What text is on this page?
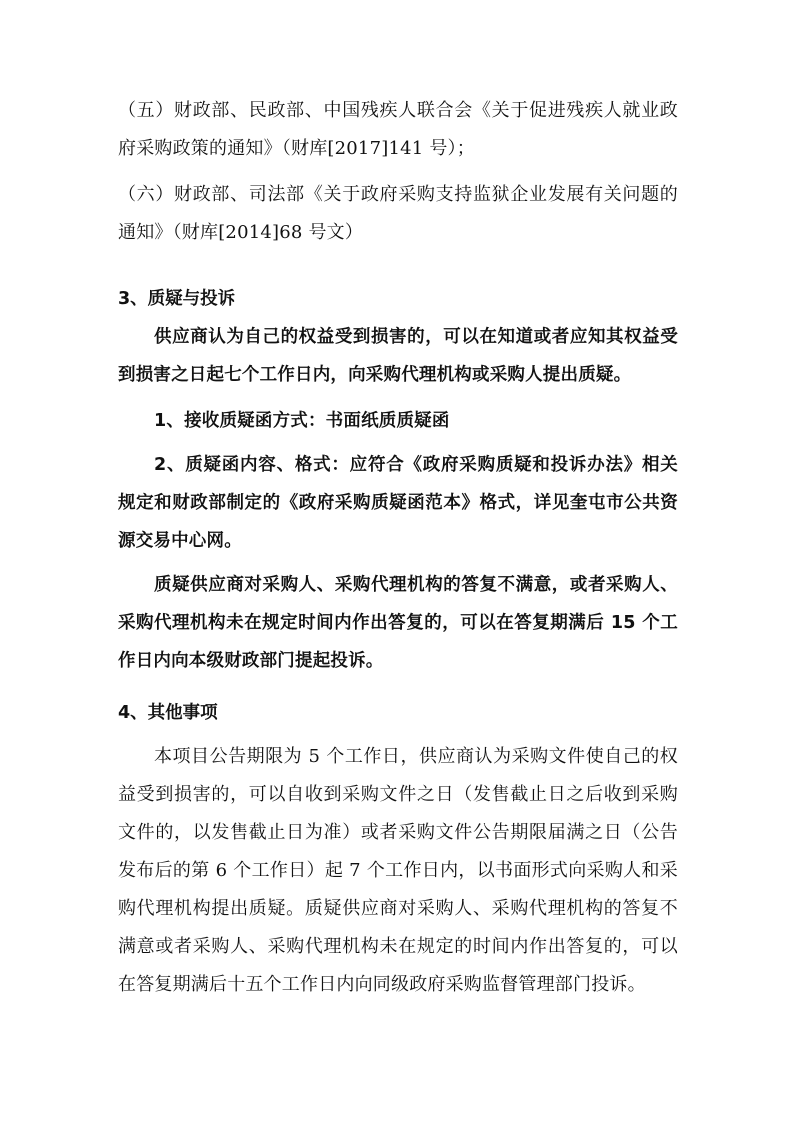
（五）财政部、民政部、中国残疾人联合会《关于促进残疾人就业政府采购政策的通知》（财库[2017]141 号）；

（六）财政部、司法部《关于政府采购支持监狱企业发展有关问题的通知》（财库[2014]68 号文）

3、质疑与投诉

供应商认为自己的权益受到损害的，可以在知道或者应知其权益受到损害之日起七个工作日内，向采购代理机构或采购人提出质疑。

1、接收质疑函方式：书面纸质质疑函

2、质疑函内容、格式：应符合《政府采购质疑和投诉办法》相关规定和财政部制定的《政府采购质疑函范本》格式，详见奎屯市公共资源交易中心网。

质疑供应商对采购人、采购代理机构的答复不满意，或者采购人、采购代理机构未在规定时间内作出答复的，可以在答复期满后 15 个工作日内向本级财政部门提起投诉。

4、其他事项

本项目公告期限为 5 个工作日，供应商认为采购文件使自己的权益受到损害的，可以自收到采购文件之日（发售截止日之后收到采购文件的，以发售截止日为准）或者采购文件公告期限届满之日（公告发布后的第 6 个工作日）起 7 个工作日内，以书面形式向采购人和采购代理机构提出质疑。质疑供应商对采购人、采购代理机构的答复不满意或者采购人、采购代理机构未在规定的时间内作出答复的，可以在答复期满后十五个工作日内向同级政府采购监督管理部门投诉。
